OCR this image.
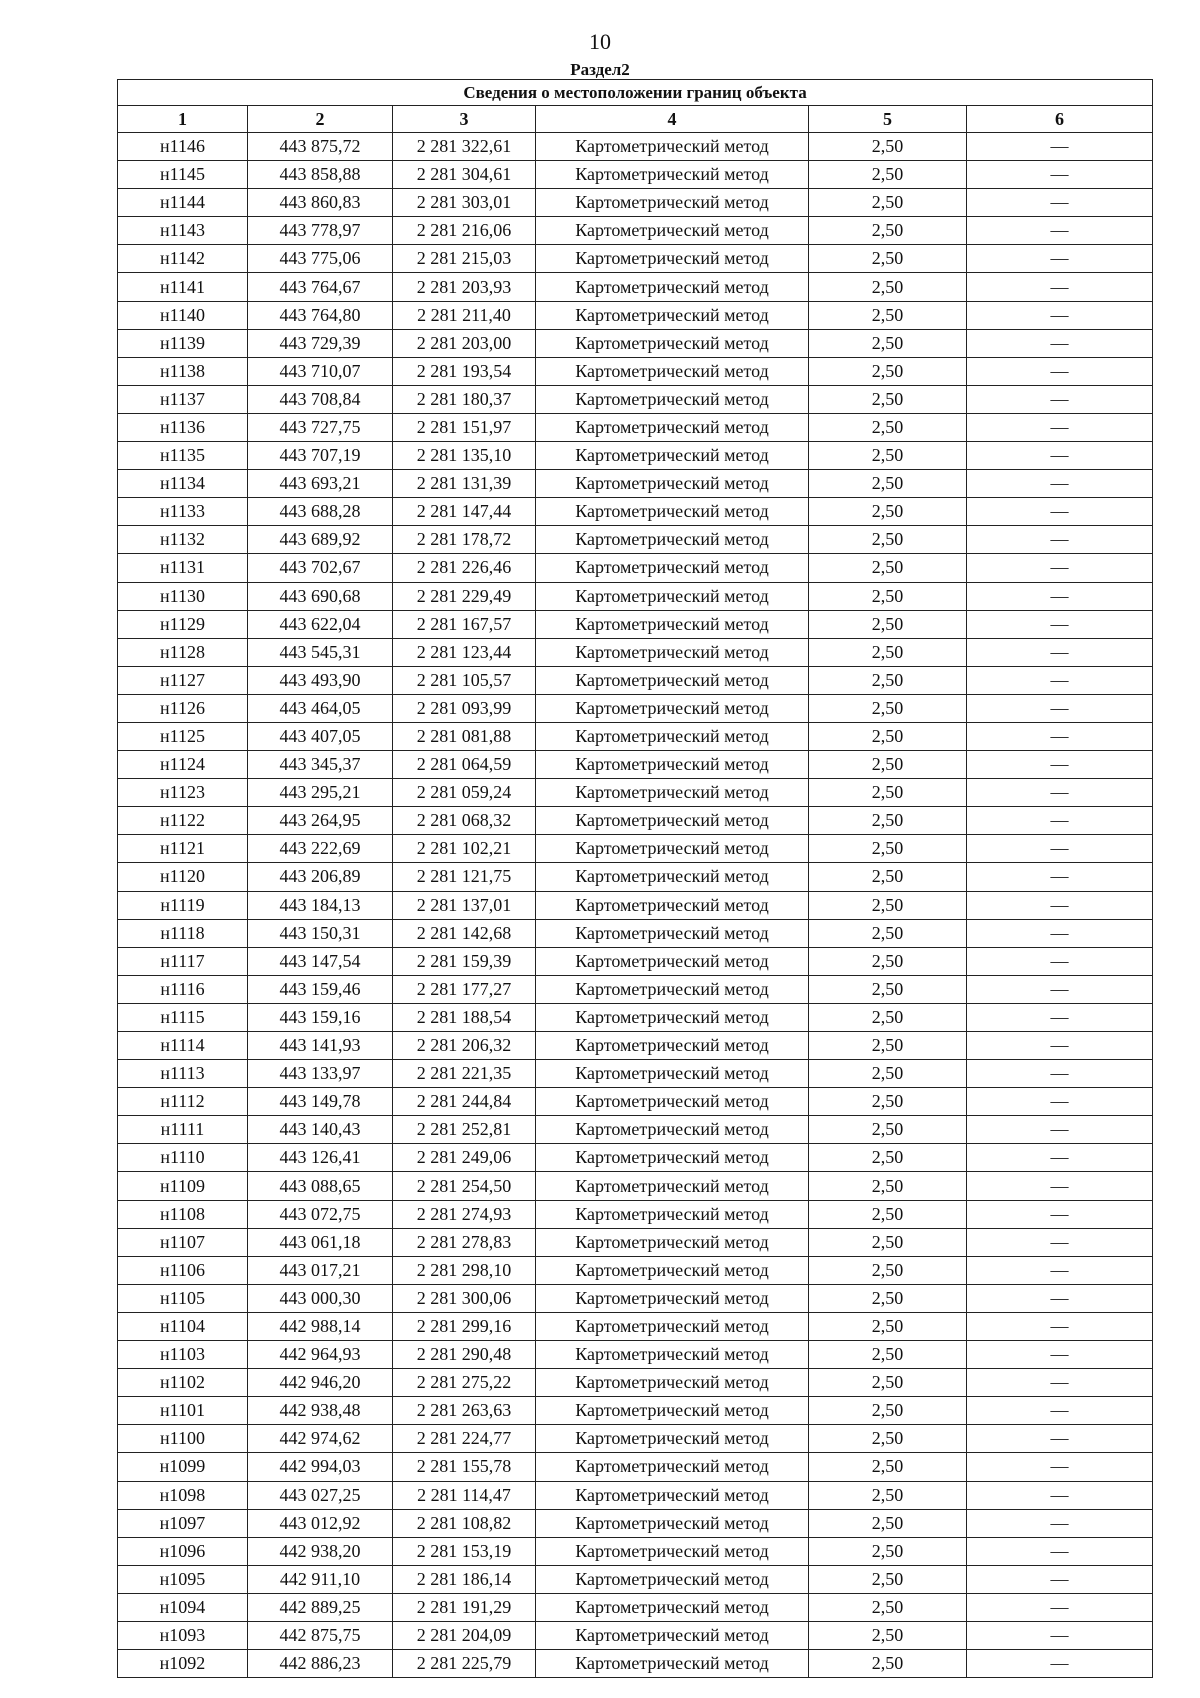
10
Раздел2
Сведения о местоположении границ объекта					
1	2	3	4	5	6
н1146	443 875,72	2 281 322,61	Картометрический метод	2,50	—
н1145	443 858,88	2 281 304,61	Картометрический метод	2,50	—
н1144	443 860,83	2 281 303,01	Картометрический метод	2,50	—
н1143	443 778,97	2 281 216,06	Картометрический метод	2,50	—
н1142	443 775,06	2 281 215,03	Картометрический метод	2,50	—
н1141	443 764,67	2 281 203,93	Картометрический метод	2,50	—
н1140	443 764,80	2 281 211,40	Картометрический метод	2,50	—
н1139	443 729,39	2 281 203,00	Картометрический метод	2,50	—
н1138	443 710,07	2 281 193,54	Картометрический метод	2,50	—
н1137	443 708,84	2 281 180,37	Картометрический метод	2,50	—
н1136	443 727,75	2 281 151,97	Картометрический метод	2,50	—
н1135	443 707,19	2 281 135,10	Картометрический метод	2,50	—
н1134	443 693,21	2 281 131,39	Картометрический метод	2,50	—
н1133	443 688,28	2 281 147,44	Картометрический метод	2,50	—
н1132	443 689,92	2 281 178,72	Картометрический метод	2,50	—
н1131	443 702,67	2 281 226,46	Картометрический метод	2,50	—
н1130	443 690,68	2 281 229,49	Картометрический метод	2,50	—
н1129	443 622,04	2 281 167,57	Картометрический метод	2,50	—
н1128	443 545,31	2 281 123,44	Картометрический метод	2,50	—
н1127	443 493,90	2 281 105,57	Картометрический метод	2,50	—
н1126	443 464,05	2 281 093,99	Картометрический метод	2,50	—
н1125	443 407,05	2 281 081,88	Картометрический метод	2,50	—
н1124	443 345,37	2 281 064,59	Картометрический метод	2,50	—
н1123	443 295,21	2 281 059,24	Картометрический метод	2,50	—
н1122	443 264,95	2 281 068,32	Картометрический метод	2,50	—
н1121	443 222,69	2 281 102,21	Картометрический метод	2,50	—
н1120	443 206,89	2 281 121,75	Картометрический метод	2,50	—
н1119	443 184,13	2 281 137,01	Картометрический метод	2,50	—
н1118	443 150,31	2 281 142,68	Картометрический метод	2,50	—
н1117	443 147,54	2 281 159,39	Картометрический метод	2,50	—
н1116	443 159,46	2 281 177,27	Картометрический метод	2,50	—
н1115	443 159,16	2 281 188,54	Картометрический метод	2,50	—
н1114	443 141,93	2 281 206,32	Картометрический метод	2,50	—
н1113	443 133,97	2 281 221,35	Картометрический метод	2,50	—
н1112	443 149,78	2 281 244,84	Картометрический метод	2,50	—
н1111	443 140,43	2 281 252,81	Картометрический метод	2,50	—
н1110	443 126,41	2 281 249,06	Картометрический метод	2,50	—
н1109	443 088,65	2 281 254,50	Картометрический метод	2,50	—
н1108	443 072,75	2 281 274,93	Картометрический метод	2,50	—
н1107	443 061,18	2 281 278,83	Картометрический метод	2,50	—
н1106	443 017,21	2 281 298,10	Картометрический метод	2,50	—
н1105	443 000,30	2 281 300,06	Картометрический метод	2,50	—
н1104	442 988,14	2 281 299,16	Картометрический метод	2,50	—
н1103	442 964,93	2 281 290,48	Картометрический метод	2,50	—
н1102	442 946,20	2 281 275,22	Картометрический метод	2,50	—
н1101	442 938,48	2 281 263,63	Картометрический метод	2,50	—
н1100	442 974,62	2 281 224,77	Картометрический метод	2,50	—
н1099	442 994,03	2 281 155,78	Картометрический метод	2,50	—
н1098	443 027,25	2 281 114,47	Картометрический метод	2,50	—
н1097	443 012,92	2 281 108,82	Картометрический метод	2,50	—
н1096	442 938,20	2 281 153,19	Картометрический метод	2,50	—
н1095	442 911,10	2 281 186,14	Картометрический метод	2,50	—
н1094	442 889,25	2 281 191,29	Картометрический метод	2,50	—
н1093	442 875,75	2 281 204,09	Картометрический метод	2,50	—
н1092	442 886,23	2 281 225,79	Картометрический метод	2,50	—
